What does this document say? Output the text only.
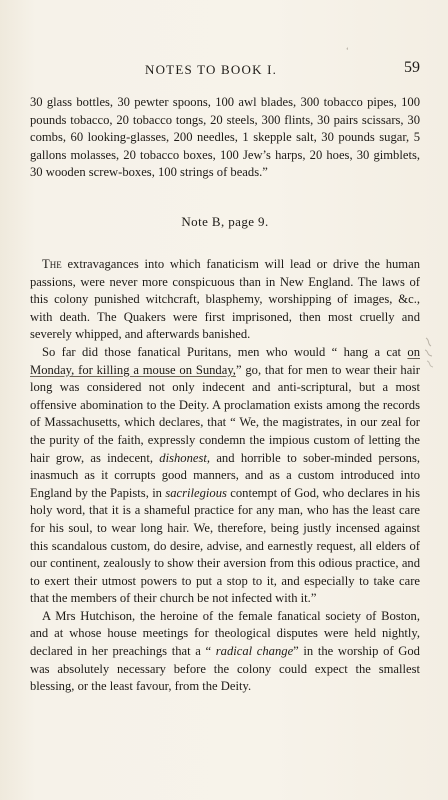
ʻ
NOTES TO BOOK I.	59

30 glass bottles, 30 pewter spoons, 100 awl blades, 300 tobacco pipes, 100 pounds tobacco, 20 tobacco tongs, 20 steels, 300 flints, 30 pairs scissars, 30 combs, 60 looking-glasses, 200 needles, 1 skepple salt, 30 pounds sugar, 5 gallons molasses, 20 tobacco boxes, 100 Jew’s harps, 20 hoes, 30 gimblets, 30 wooden screw-boxes, 100 strings of beads.”

Note B, page 9.

The extravagances into which fanaticism will lead or drive the human passions, were never more conspicuous than in New England. The laws of this colony punished witchcraft, blasphemy, worshipping of images, &c., with death. The Quakers were first imprisoned, then most cruelly and severely whipped, and afterwards banished.

So far did those fanatical Puritans, men who would “ hang a cat on Monday, for killing a mouse on Sunday,” go, that for men to wear their hair long was considered not only indecent and anti-scriptural, but a most offensive abomination to the Deity. A proclamation exists among the records of Massachusetts, which declares, that “ We, the magistrates, in our zeal for the purity of the faith, expressly condemn the impious custom of letting the hair grow, as indecent, dishonest, and horrible to sober-minded persons, inasmuch as it corrupts good manners, and as a custom introduced into England by the Papists, in sacrilegious contempt of God, who declares in his holy word, that it is a shameful practice for any man, who has the least care for his soul, to wear long hair. We, therefore, being justly incensed against this scandalous custom, do desire, advise, and earnestly request, all elders of our continent, zealously to show their aversion from this odious practice, and to exert their utmost powers to put a stop to it, and especially to take care that the members of their church be not infected with it.”

A Mrs Hutchison, the heroine of the female fanatical society of Boston, and at whose house meetings for theological disputes were held nightly, declared in her preachings that a “ radical change” in the worship of God was absolutely necessary before the colony could expect the smallest blessing, or the least favour, from the Deity.
